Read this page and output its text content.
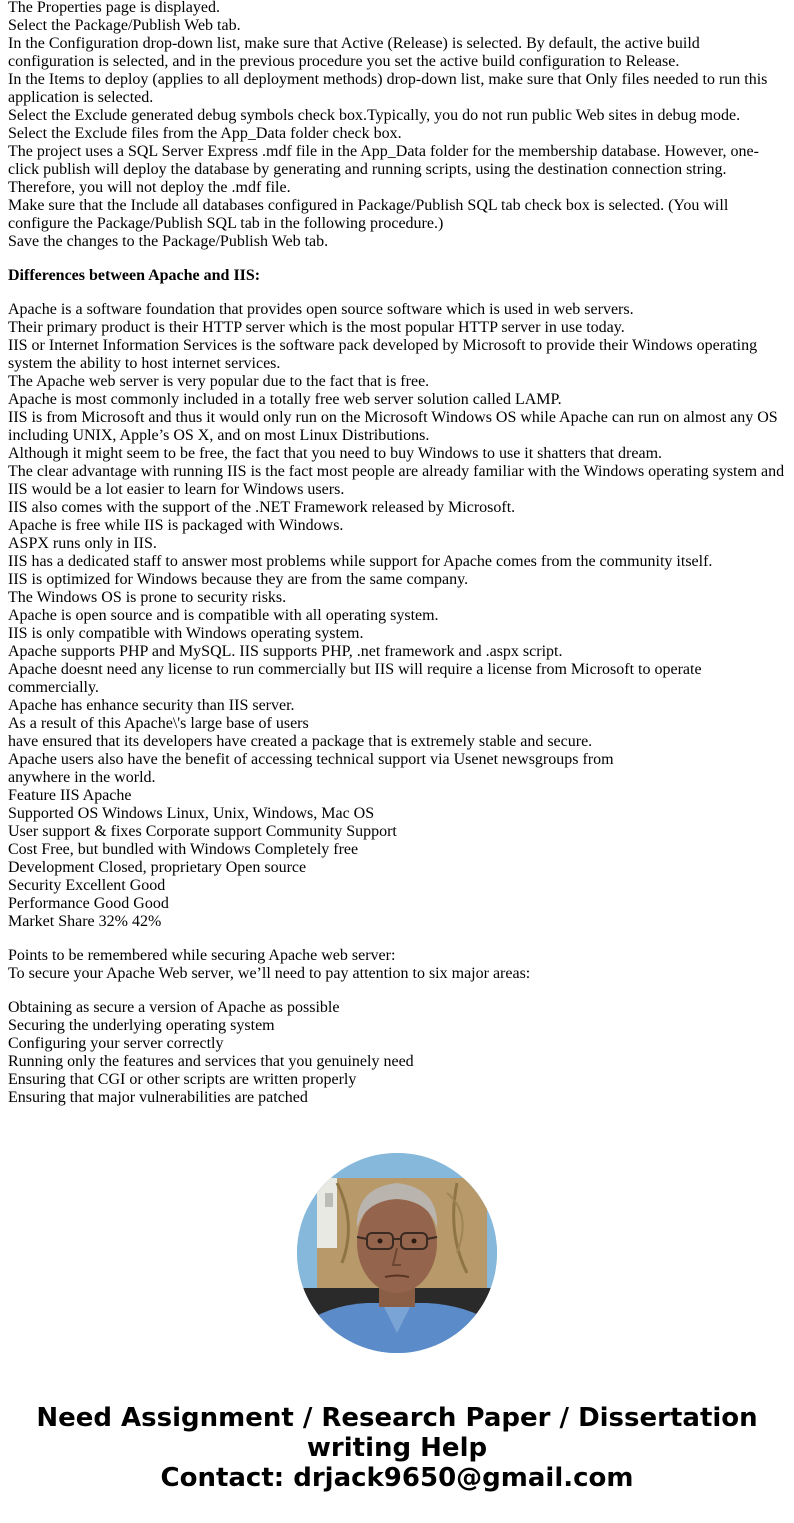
The Properties page is displayed.
Select the Package/Publish Web tab.
In the Configuration drop-down list, make sure that Active (Release) is selected. By default, the active build configuration is selected, and in the previous procedure you set the active build configuration to Release.
In the Items to deploy (applies to all deployment methods) drop-down list, make sure that Only files needed to run this application is selected.
Select the Exclude generated debug symbols check box.Typically, you do not run public Web sites in debug mode.
Select the Exclude files from the App_Data folder check box.
The project uses a SQL Server Express .mdf file in the App_Data folder for the membership database. However, one-click publish will deploy the database by generating and running scripts, using the destination connection string. Therefore, you will not deploy the .mdf file.
Make sure that the Include all databases configured in Package/Publish SQL tab check box is selected. (You will configure the Package/Publish SQL tab in the following procedure.)
Save the changes to the Package/Publish Web tab.
Differences between Apache and IIS:
Apache is a software foundation that provides open source software which is used in web servers.
Their primary product is their HTTP server which is the most popular HTTP server in use today.
IIS or Internet Information Services is the software pack developed by Microsoft to provide their Windows operating system the ability to host internet services.
The Apache web server is very popular due to the fact that is free.
Apache is most commonly included in a totally free web server solution called LAMP.
IIS is from Microsoft and thus it would only run on the Microsoft Windows OS while Apache can run on almost any OS including UNIX, Apple’s OS X, and on most Linux Distributions.
Although it might seem to be free, the fact that you need to buy Windows to use it shatters that dream.
The clear advantage with running IIS is the fact most people are already familiar with the Windows operating system and IIS would be a lot easier to learn for Windows users.
IIS also comes with the support of the .NET Framework released by Microsoft.
Apache is free while IIS is packaged with Windows.
ASPX runs only in IIS.
IIS has a dedicated staff to answer most problems while support for Apache comes from the community itself.
IIS is optimized for Windows because they are from the same company.
The Windows OS is prone to security risks.
Apache is open source and is compatible with all operating system.
IIS is only compatible with Windows operating system.
Apache supports PHP and MySQL. IIS supports PHP, .net framework and .aspx script.
Apache doesnt need any license to run commercially but IIS will require a license from Microsoft to operate commercially.
Apache has enhance security than IIS server.
As a result of this Apache\'s large base of users
have ensured that its developers have created a package that is extremely stable and secure.
Apache users also have the benefit of accessing technical support via Usenet newsgroups from
anywhere in the world.
Feature IIS Apache
Supported OS Windows Linux, Unix, Windows, Mac OS
User support & fixes Corporate support Community Support
Cost Free, but bundled with Windows Completely free
Development Closed, proprietary Open source
Security Excellent Good
Performance Good Good
Market Share 32% 42%
Points to be remembered while securing Apache web server:
To secure your Apache Web server, we’ll need to pay attention to six major areas:
Obtaining as secure a version of Apache as possible
Securing the underlying operating system
Configuring your server correctly
Running only the features and services that you genuinely need
Ensuring that CGI or other scripts are written properly
Ensuring that major vulnerabilities are patched
Need Assignment / Research Paper / Dissertation
writing Help
Contact: drjack9650@gmail.com
